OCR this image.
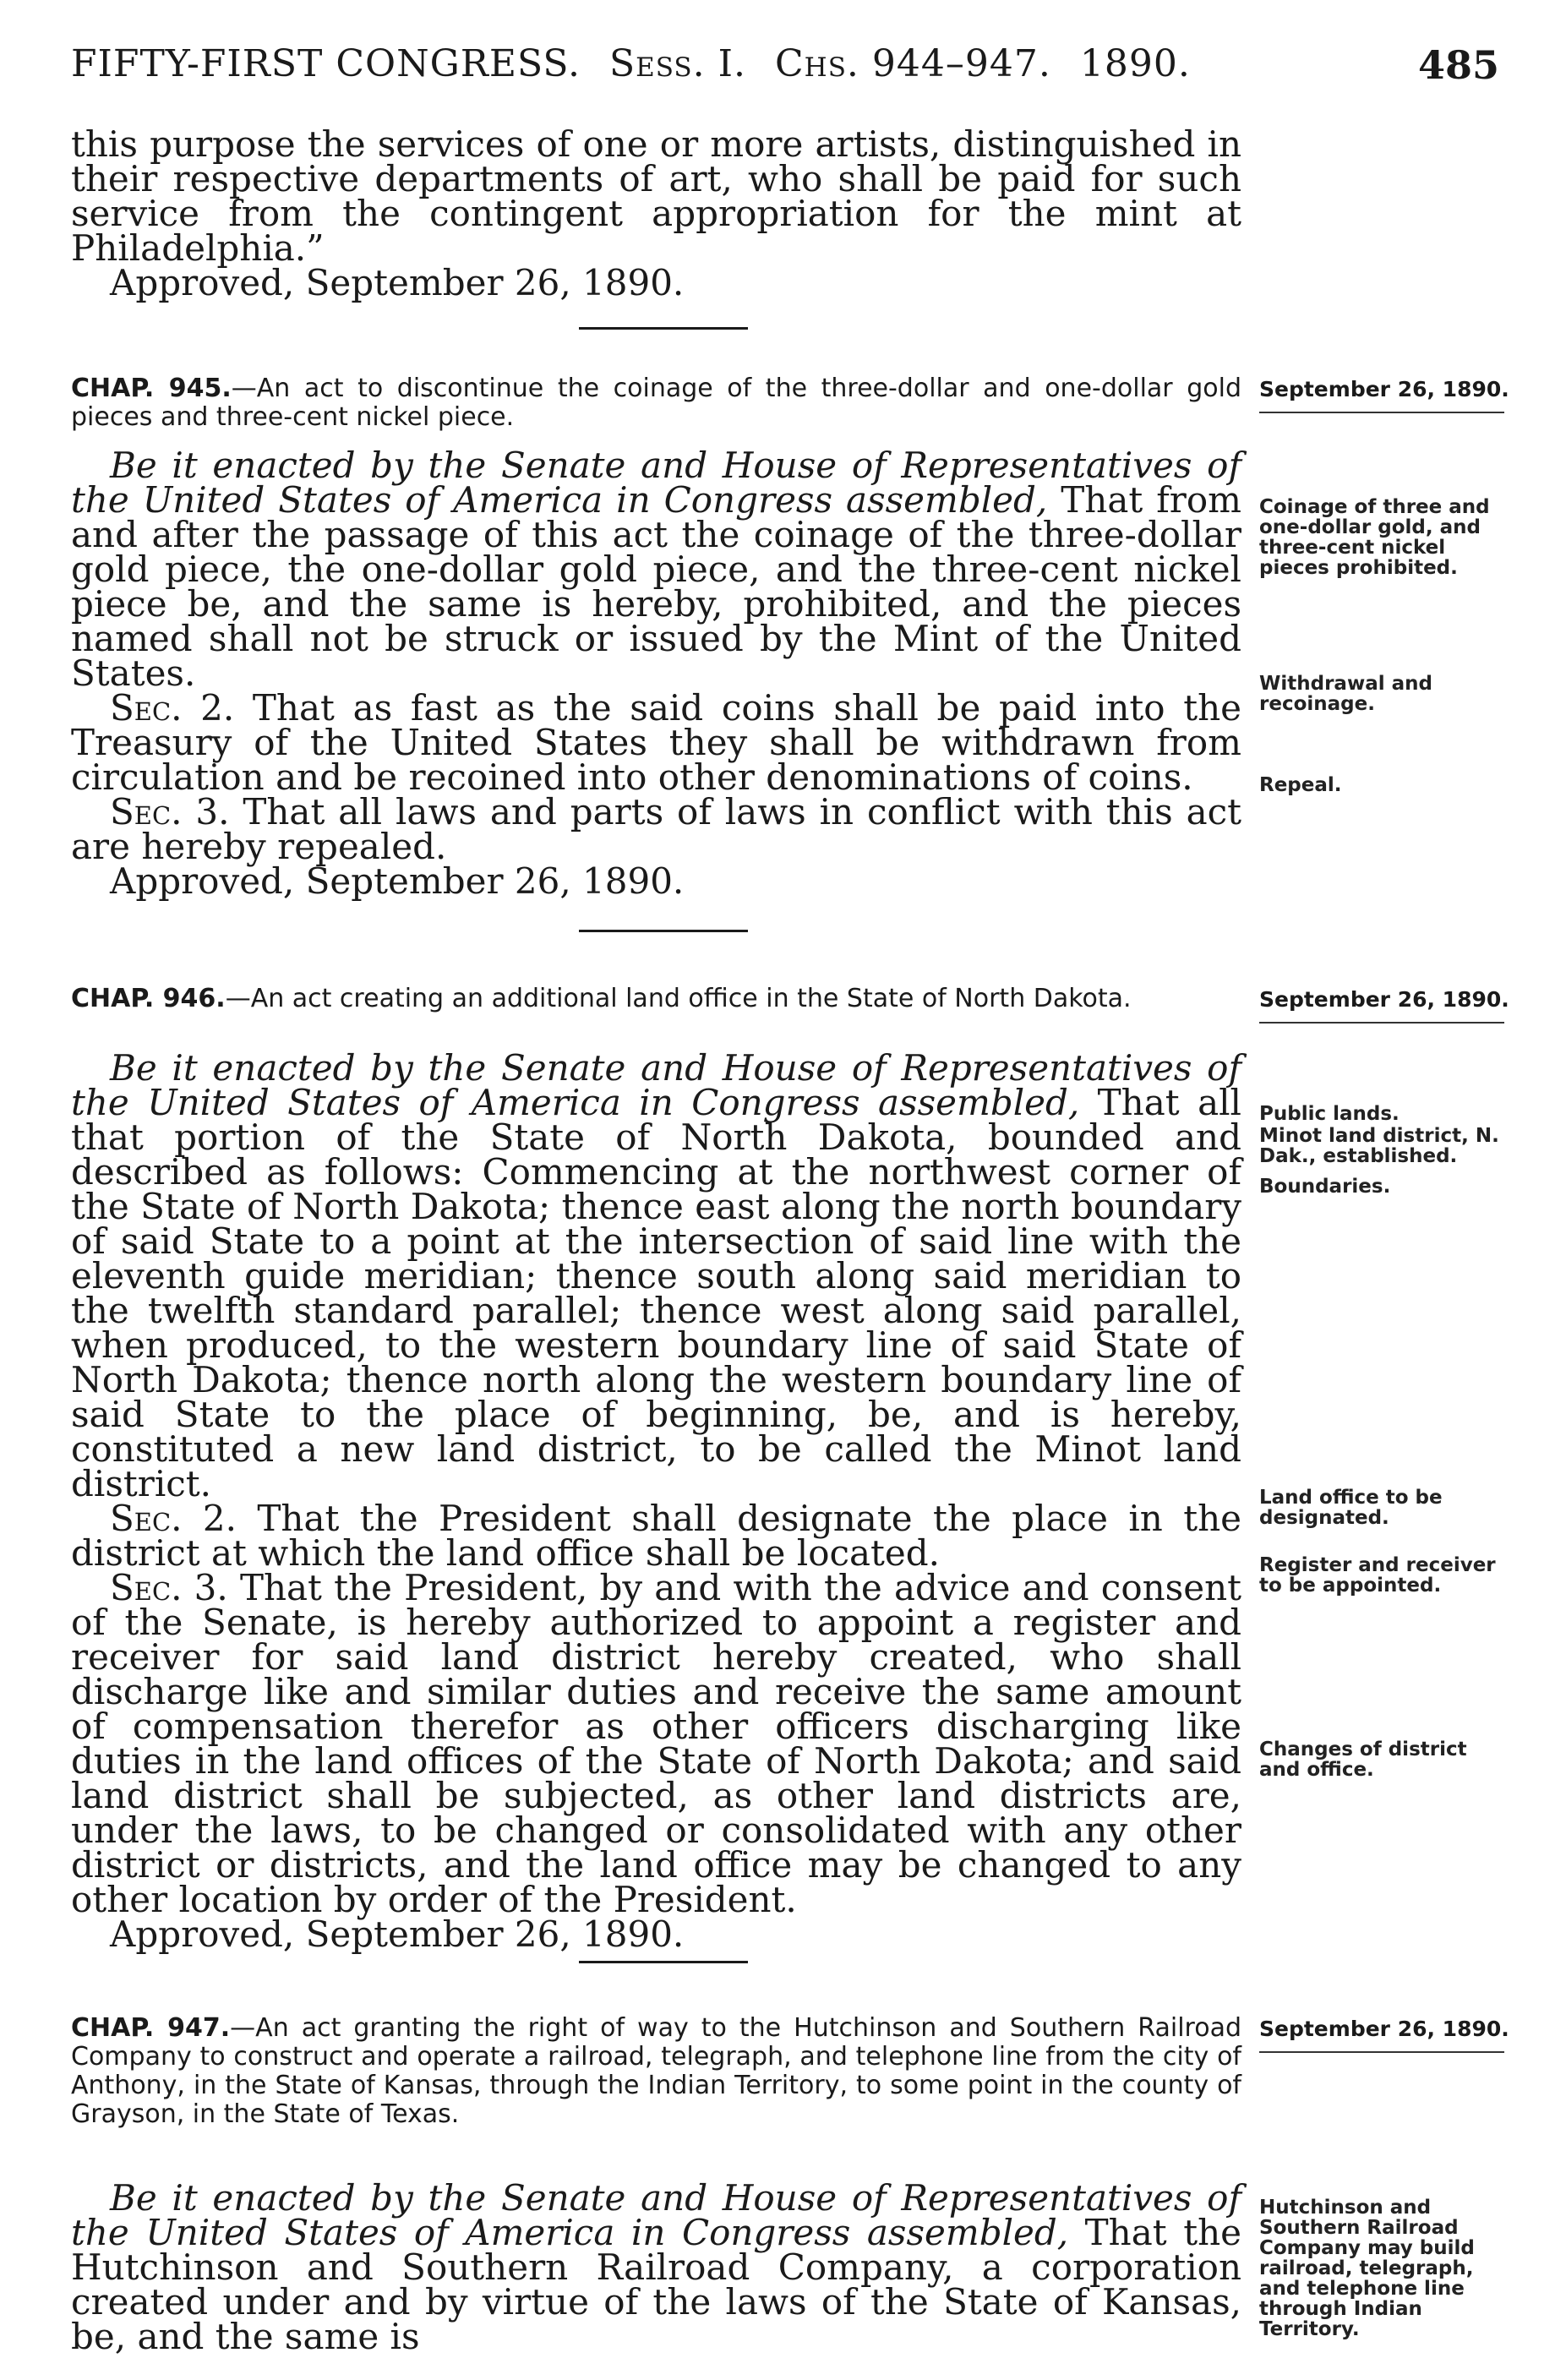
FIFTY-FIRST CONGRESS. Sess. I. Chs. 944–947. 1890.	485

this purpose the services of one or more artists, distinguished in their respective departments of art, who shall be paid for such service from the contingent appropriation for the mint at Philadelphia.”

Approved, September 26, 1890.

CHAP. 945.—An act to discontinue the coinage of the three-dollar and one-dollar gold pieces and three-cent nickel piece.
September 26, 1890.

Be it enacted by the Senate and House of Representatives of the United States of America in Congress assembled, That from and after the passage of this act the coinage of the three-dollar gold piece, the one-dollar gold piece, and the three-cent nickel piece be, and the same is hereby, prohibited, and the pieces named shall not be struck or issued by the Mint of the United States.

Sec. 2. That as fast as the said coins shall be paid into the Treasury of the United States they shall be withdrawn from circulation and be recoined into other denominations of coins.

Sec. 3. That all laws and parts of laws in conflict with this act are hereby repealed.

Approved, September 26, 1890.

Coinage of three and one-dollar gold, and three-cent nickel pieces prohibited.
Withdrawal and recoinage.
Repeal.
CHAP. 946.—An act creating an additional land office in the State of North Dakota.	September 26, 1890.

Be it enacted by the Senate and House of Representatives of the United States of America in Congress assembled, That all that portion of the State of North Dakota, bounded and described as follows: Commencing at the northwest corner of the State of North Dakota; thence east along the north boundary of said State to a point at the intersection of said line with the eleventh guide meridian; thence south along said meridian to the twelfth standard parallel; thence west along said parallel, when produced, to the western boundary line of said State of North Dakota; thence north along the western boundary line of said State to the place of beginning, be, and is hereby, constituted a new land district, to be called the Minot land district.

Sec. 2. That the President shall designate the place in the district at which the land office shall be located.

Sec. 3. That the President, by and with the advice and consent of the Senate, is hereby authorized to appoint a register and receiver for said land district hereby created, who shall discharge like and similar duties and receive the same amount of compensation therefor as other officers discharging like duties in the land offices of the State of North Dakota; and said land district shall be subjected, as other land districts are, under the laws, to be changed or consolidated with any other district or districts, and the land office may be changed to any other location by order of the President.

Approved, September 26, 1890.

Public lands.
Minot land district, N. Dak., established.
Boundaries.
Land office to be designated.
Register and receiver to be appointed.
Changes of district and office.
CHAP. 947.—An act granting the right of way to the Hutchinson and Southern Railroad Company to construct and operate a railroad, telegraph, and telephone line from the city of Anthony, in the State of Kansas, through the Indian Territory, to some point in the county of Grayson, in the State of Texas.
September 26, 1890.

Be it enacted by the Senate and House of Representatives of the United States of America in Congress assembled, That the Hutchinson and Southern Railroad Company, a corporation created under and by virtue of the laws of the State of Kansas, be, and the same is

Hutchinson and Southern Railroad Company may build railroad, telegraph, and telephone line through Indian Territory.
